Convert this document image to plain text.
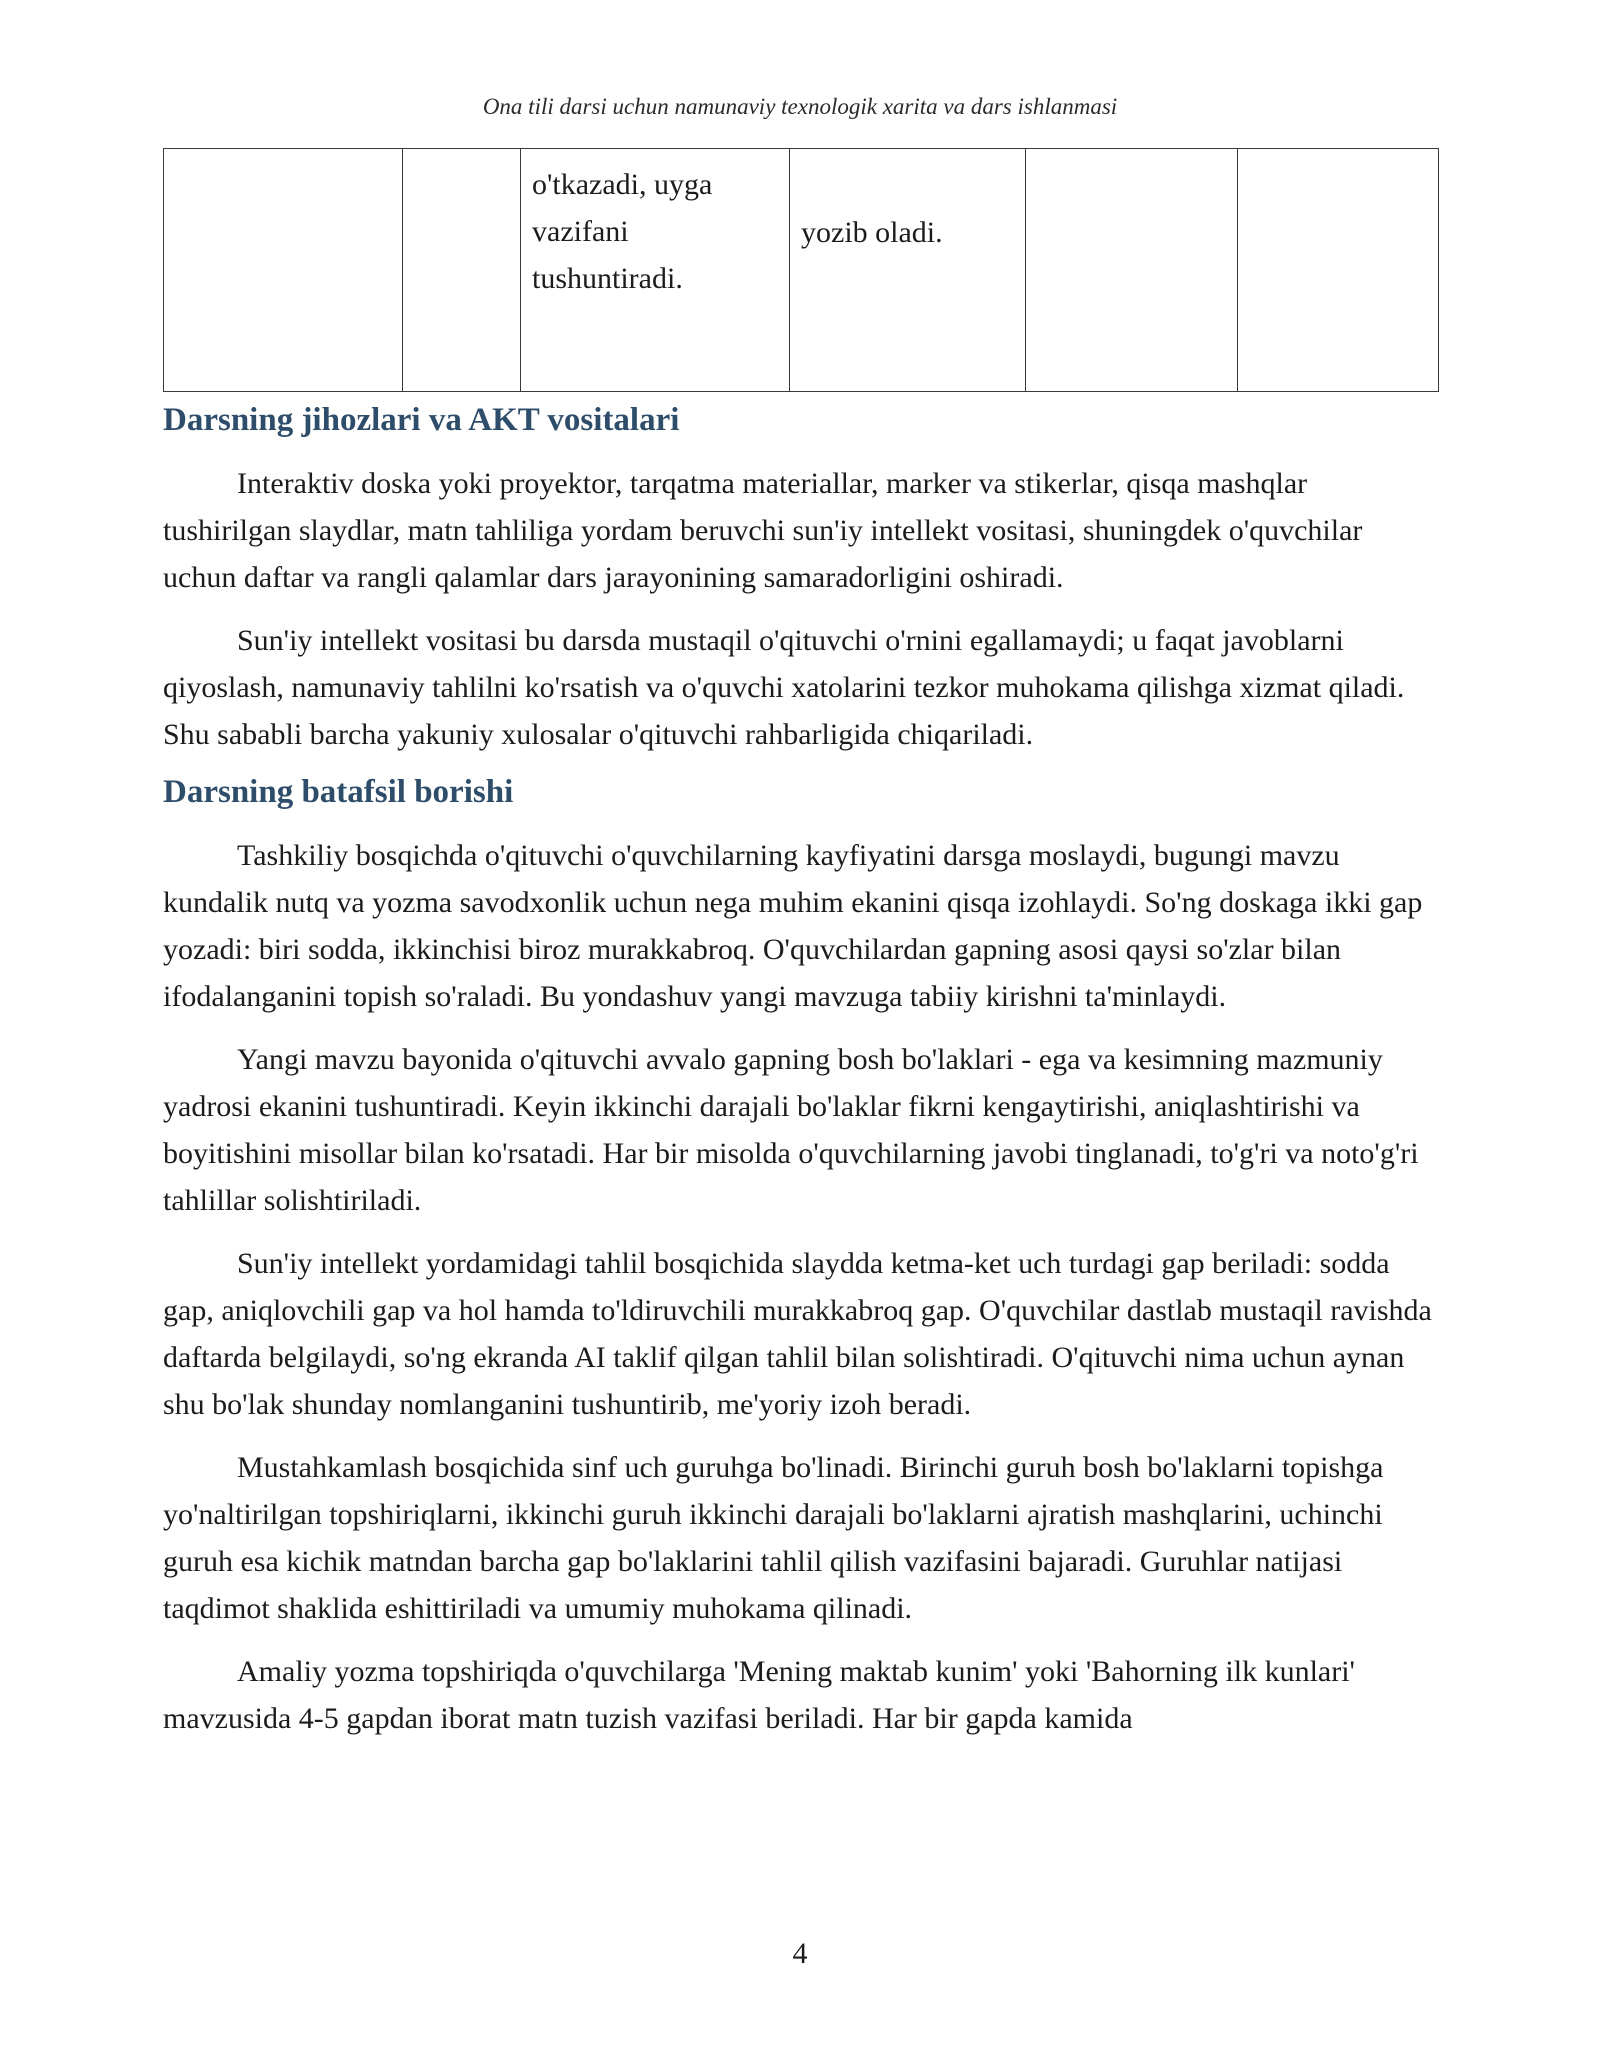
Ona tili darsi uchun namunaviy texnologik xarita va dars ishlanmasi
		o'tkazadi, uyga vazifani tushuntiradi.	yozib oladi.		
Darsning jihozlari va AKT vositalari

Interaktiv doska yoki proyektor, tarqatma materiallar, marker va stikerlar, qisqa mashqlar tushirilgan slaydlar, matn tahliliga yordam beruvchi sun'iy intellekt vositasi, shuningdek o'quvchilar uchun daftar va rangli qalamlar dars jarayonining samaradorligini oshiradi.

Sun'iy intellekt vositasi bu darsda mustaqil o'qituvchi o'rnini egallamaydi; u faqat javoblarni qiyoslash, namunaviy tahlilni ko'rsatish va o'quvchi xatolarini tezkor muhokama qilishga xizmat qiladi. Shu sababli barcha yakuniy xulosalar o'qituvchi rahbarligida chiqariladi.

Darsning batafsil borishi

Tashkiliy bosqichda o'qituvchi o'quvchilarning kayfiyatini darsga moslaydi, bugungi mavzu kundalik nutq va yozma savodxonlik uchun nega muhim ekanini qisqa izohlaydi. So'ng doskaga ikki gap yozadi: biri sodda, ikkinchisi biroz murakkabroq. O'quvchilardan gapning asosi qaysi so'zlar bilan ifodalanganini topish so'raladi. Bu yondashuv yangi mavzuga tabiiy kirishni ta'minlaydi.

Yangi mavzu bayonida o'qituvchi avvalo gapning bosh bo'laklari - ega va kesimning mazmuniy yadrosi ekanini tushuntiradi. Keyin ikkinchi darajali bo'laklar fikrni kengaytirishi, aniqlashtirishi va boyitishini misollar bilan ko'rsatadi. Har bir misolda o'quvchilarning javobi tinglanadi, to'g'ri va noto'g'ri tahlillar solishtiriladi.

Sun'iy intellekt yordamidagi tahlil bosqichida slaydda ketma-ket uch turdagi gap beriladi: sodda gap, aniqlovchili gap va hol hamda to'ldiruvchili murakkabroq gap. O'quvchilar dastlab mustaqil ravishda daftarda belgilaydi, so'ng ekranda AI taklif qilgan tahlil bilan solishtiradi. O'qituvchi nima uchun aynan shu bo'lak shunday nomlanganini tushuntirib, me'yoriy izoh beradi.

Mustahkamlash bosqichida sinf uch guruhga bo'linadi. Birinchi guruh bosh bo'laklarni topishga yo'naltirilgan topshiriqlarni, ikkinchi guruh ikkinchi darajali bo'laklarni ajratish mashqlarini, uchinchi guruh esa kichik matndan barcha gap bo'laklarini tahlil qilish vazifasini bajaradi. Guruhlar natijasi taqdimot shaklida eshittiriladi va umumiy muhokama qilinadi.

Amaliy yozma topshiriqda o'quvchilarga 'Mening maktab kunim' yoki 'Bahorning ilk kunlari' mavzusida 4-5 gapdan iborat matn tuzish vazifasi beriladi. Har bir gapda kamida

4
